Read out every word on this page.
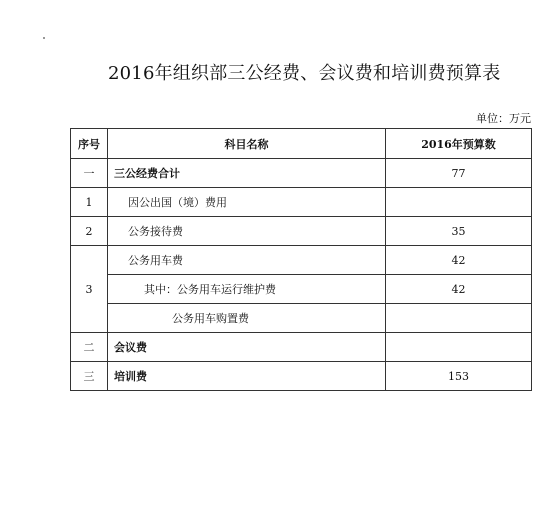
2016年组织部三公经费、会议费和培训费预算表
单位：万元
序号	科目名称	2016年预算数
一	三公经费合计	77
1	因公出国（境）费用	
2	公务接待费	35
3	公务用车费	42
	其中：公务用车运行维护费	42
	公务用车购置费	
二	会议费	
三	培训费	153
